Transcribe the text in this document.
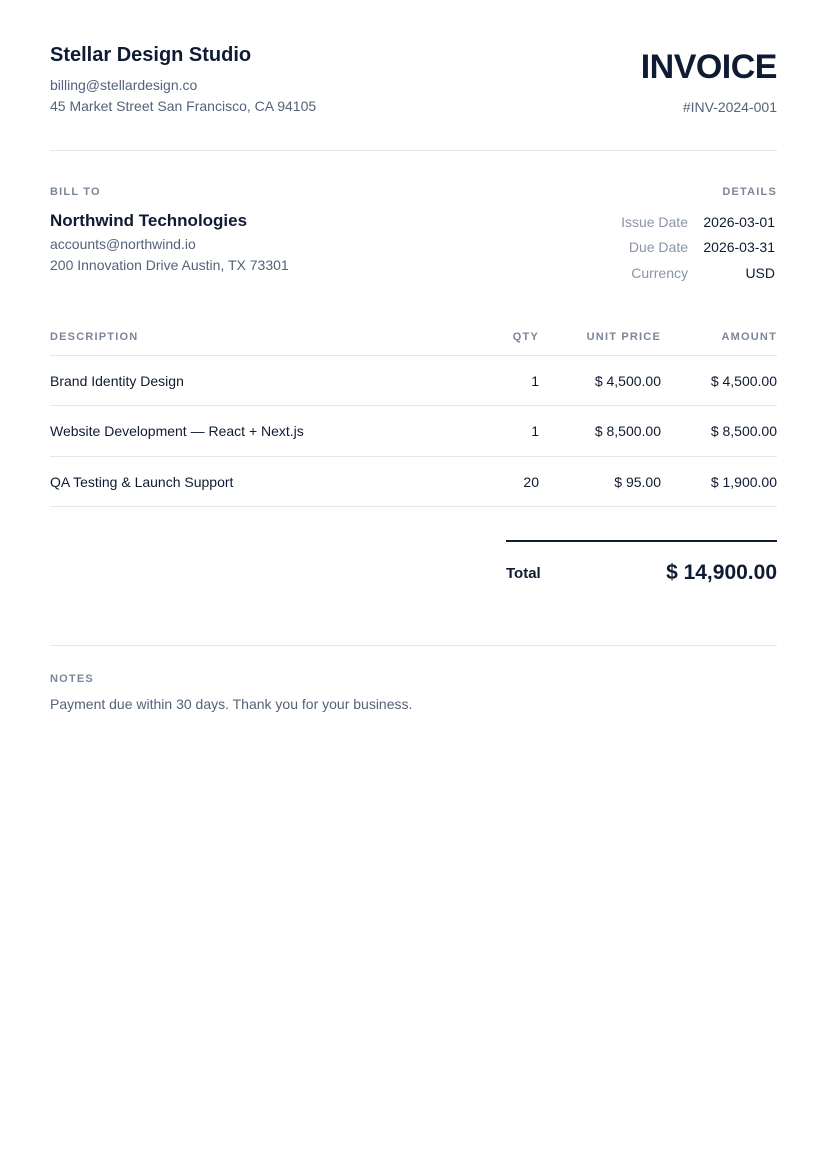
Stellar Design Studio
billing@stellardesign.co
45 Market Street San Francisco, CA 94105
INVOICE
#INV-2024-001
BILL TO
Northwind Technologies
accounts@northwind.io
200 Innovation Drive Austin, TX 73301
DETAILS
Issue Date 2026-03-01
Due Date 2026-03-31
Currency	USD
DESCRIPTION	QTY	UNIT PRICE	AMOUNT
Brand Identity Design	1	$ 4,500.00	$ 4,500.00
Website Development — React + Next.js	1	$ 8,500.00	$ 8,500.00
QA Testing & Launch Support	20	$ 95.00	$ 1,900.00
Total	$ 14,900.00
NOTES
Payment due within 30 days. Thank you for your business.
